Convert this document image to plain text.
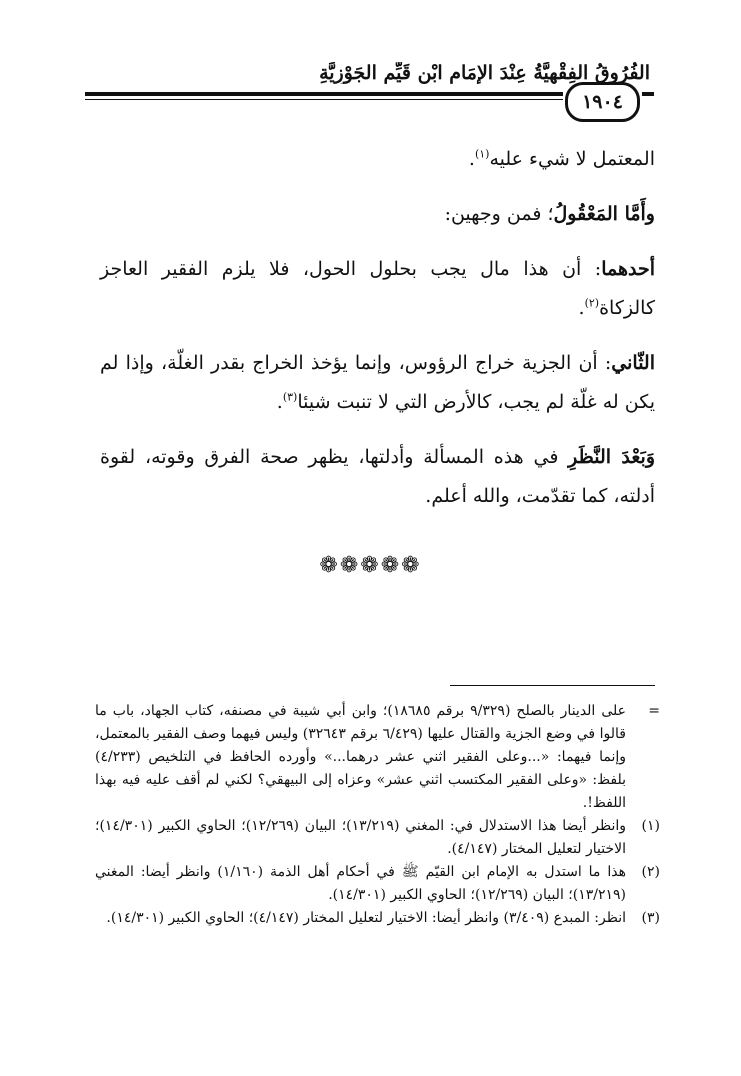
الفُرُوقُ الفِقْهِيَّةُ عِنْدَ الإِمَامِ ابْنِ قَيِّمِ الجَوْزِيَّةِ
١٩٠٤

المعتمل لا شيء عليه$^{(١)}$.

وأَمَّا المَعْقُولُ؛ فمن وجهين:

أحدهما: أن هذا مال يجب بحلول الحول، فلا يلزم الفقير العاجز كالزكاة$^{(٢)}$.

الثّاني: أن الجزية خراج الرؤوس، وإنما يؤخذ الخراج بقدر الغلّة، وإذا لم يكن له غلّة لم يجب، كالأرض التي لا تنبت شيئا$^{(٣)}$.

وَبَعْدَ النَّظَرِ في هذه المسألة وأدلتها، يظهر صحة الفرق وقوته، لقوة أدلته، كما تقدّمت، والله أعلم.

❁❁❁❁❁
=
على الدينار بالصلح (٩/٣٢٩ برقم ١٨٦٨٥)؛ وابن أبي شيبة في مصنفه، كتاب الجهاد، باب ما قالوا في وضع الجزية والقتال عليها (٦/٤٢٩ برقم ٣٢٦٤٣) وليس فيهما وصف الفقير بالمعتمل، وإنما فيهما: «...وعلى الفقير اثني عشر درهما...» وأورده الحافظ في التلخيص (٤/٢٣٣) بلفظ: «وعلى الفقير المكتسب اثني عشر» وعزاه إلى البيهقي؟ لكني لم أقف عليه فيه بهذا اللفظ!.
(١)
وانظر أيضا هذا الاستدلال في: المغني (١٣/٢١٩)؛ البيان (١٢/٢٦٩)؛ الحاوي الكبير (١٤/٣٠١)؛ الاختيار لتعليل المختار (٤/١٤٧).
(٢)
هذا ما استدل به الإمام ابن القيّم ﷺ في أحكام أهل الذمة (١/١٦٠) وانظر أيضا: المغني (١٣/٢١٩)؛ البيان (١٢/٢٦٩)؛ الحاوي الكبير (١٤/٣٠١).
(٣)
انظر: المبدع (٣/٤٠٩) وانظر أيضا: الاختيار لتعليل المختار (٤/١٤٧)؛ الحاوي الكبير (١٤/٣٠١).
